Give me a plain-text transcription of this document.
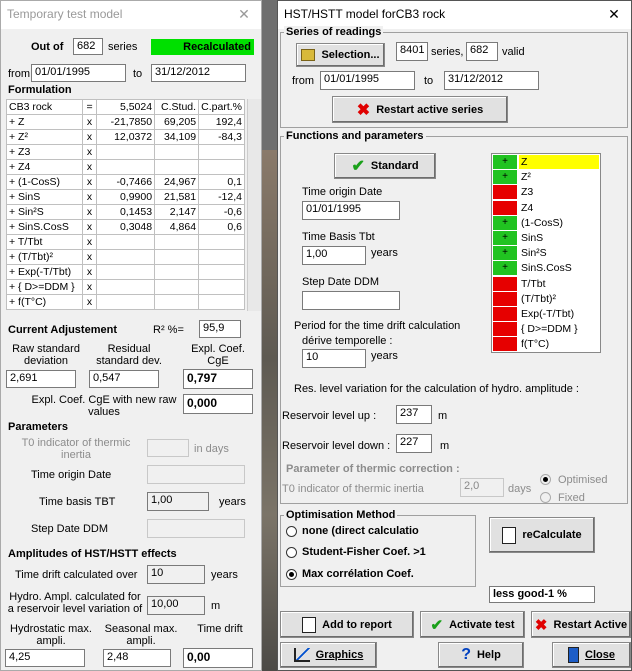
Temporary test model	✕
Out of	682	series	Recalculated
from 01/01/1995	to	31/12/2012
Formulation
CB3 rock	=	5,5024	C.Stud.	C.part.%
+ Z	x	-21,7850	69,205	192,4
+ Z²	x	12,0372	34,109	-84,3
+ Z3	x			
+ Z4	x			
+ (1-CosS)	x	-0,7466	24,967	0,1
+ SinS	x	0,9900	21,581	-12,4
+ Sin²S	x	0,1453	2,147	-0,6
+ SinS.CosS	x	0,3048	4,864	0,6
+ T/Tbt	x			
+ (T/Tbt)²	x			
+ Exp(-T/Tbt)	x			
+ { D>=DDM }	x			
+ f(T°C)	x			
Current Adjustement	R² %=	95,9
Raw standard deviation
Residual standard dev.
Expl. Coef. CgE
2,691	0,547	0,797
Expl. Coef. CgE with new raw values
0,000
Parameters
T0 indicator of thermic inertia	in days
Time origin Date
Time basis TBT	1,00	years
Step Date DDM
Amplitudes of HST/HSTT effects
Time drift calculated over	10	years
Hydro. Ampl. calculated for a reservoir level variation of 10,00	m
Hydrostatic max. ampli.
Seasonal max. ampli.
Time drift
4,25	2,48	0,00
HST/HSTT model forCB3 rock	✕
Series of readings
Selection...	8401 series, 682	valid
from 01/01/1995	to	31/12/2012
✖ Restart active series
Functions and parameters
✔ Standard
Time origin Date
01/01/1995
Time Basis Tbt
1,00	years
Step Date DDM
Period for the time drift calculation
dérive temporelle :
10	years
+	Z
+	Z²
Z3
Z4
+	(1-CosS)
+	SinS
+	Sin²S
+	SinS.CosS
T/Tbt
(T/Tbt)²
Exp(-T/Tbt)
{ D>=DDM }
f(T°C)
Res. level variation for the calculation of hydro. amplitude :
Reservoir level up :	237	m
Reservoir level down : 227	m
Parameter of thermic correction :
T0 indicator of thermic inertia	2,0	days
Optimised
Fixed
Optimisation Method
none (direct calculatio
Student-Fisher Coef. >1
Max corrélation Coef.
reCalculate
less good-1 %
Add to report	✔ Activate test ✖ Restart Active
Graphics	? Help	Close
